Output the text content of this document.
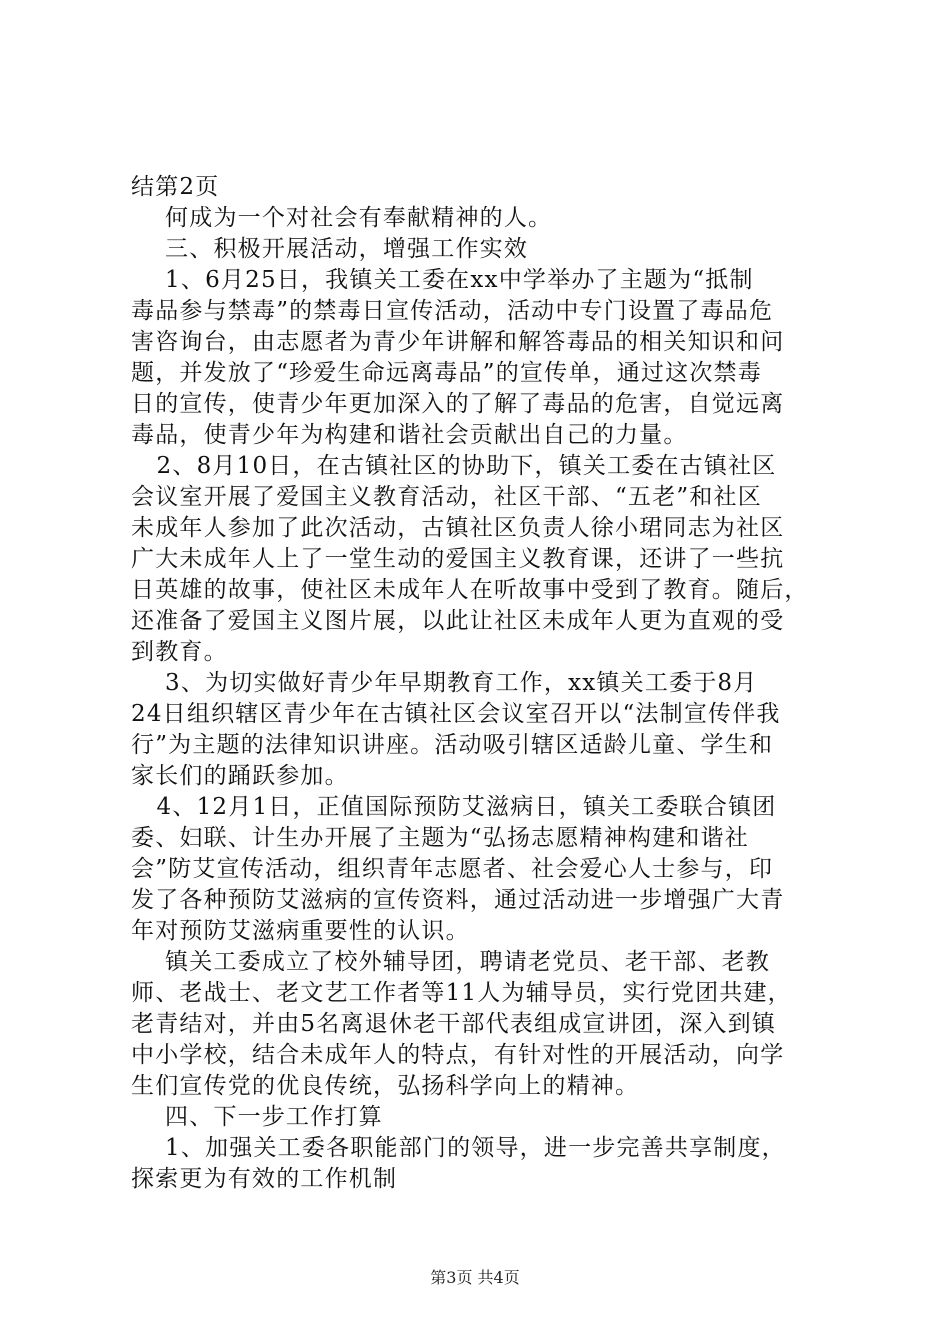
结第2页

何成为一个对社会有奉献精神的人。

三、积极开展活动，增强工作实效

1、6月25日，我镇关工委在xx中学举办了主题为“抵制

毒品参与禁毒”的禁毒日宣传活动，活动中专门设置了毒品危

害咨询台，由志愿者为青少年讲解和解答毒品的相关知识和问

题，并发放了“珍爱生命远离毒品”的宣传单，通过这次禁毒

日的宣传，使青少年更加深入的了解了毒品的危害，自觉远离

毒品，使青少年为构建和谐社会贡献出自己的力量。

2、8月10日，在古镇社区的协助下，镇关工委在古镇社区

会议室开展了爱国主义教育活动，社区干部、“五老”和社区

未成年人参加了此次活动，古镇社区负责人徐小珺同志为社区

广大未成年人上了一堂生动的爱国主义教育课，还讲了一些抗

日英雄的故事，使社区未成年人在听故事中受到了教育。随后，

还准备了爱国主义图片展，以此让社区未成年人更为直观的受

到教育。

3、为切实做好青少年早期教育工作，xx镇关工委于8月

24日组织辖区青少年在古镇社区会议室召开以“法制宣传伴我

行”为主题的法律知识讲座。活动吸引辖区适龄儿童、学生和

家长们的踊跃参加。

4、12月1日，正值国际预防艾滋病日，镇关工委联合镇团

委、妇联、计生办开展了主题为“弘扬志愿精神构建和谐社

会”防艾宣传活动，组织青年志愿者、社会爱心人士参与，印

发了各种预防艾滋病的宣传资料，通过活动进一步增强广大青

年对预防艾滋病重要性的认识。

镇关工委成立了校外辅导团，聘请老党员、老干部、老教

师、老战士、老文艺工作者等11人为辅导员，实行党团共建，

老青结对，并由5名离退休老干部代表组成宣讲团，深入到镇

中小学校，结合未成年人的特点，有针对性的开展活动，向学

生们宣传党的优良传统，弘扬科学向上的精神。

四、下一步工作打算

1、加强关工委各职能部门的领导，进一步完善共享制度，

探索更为有效的工作机制

第3页 共4页
